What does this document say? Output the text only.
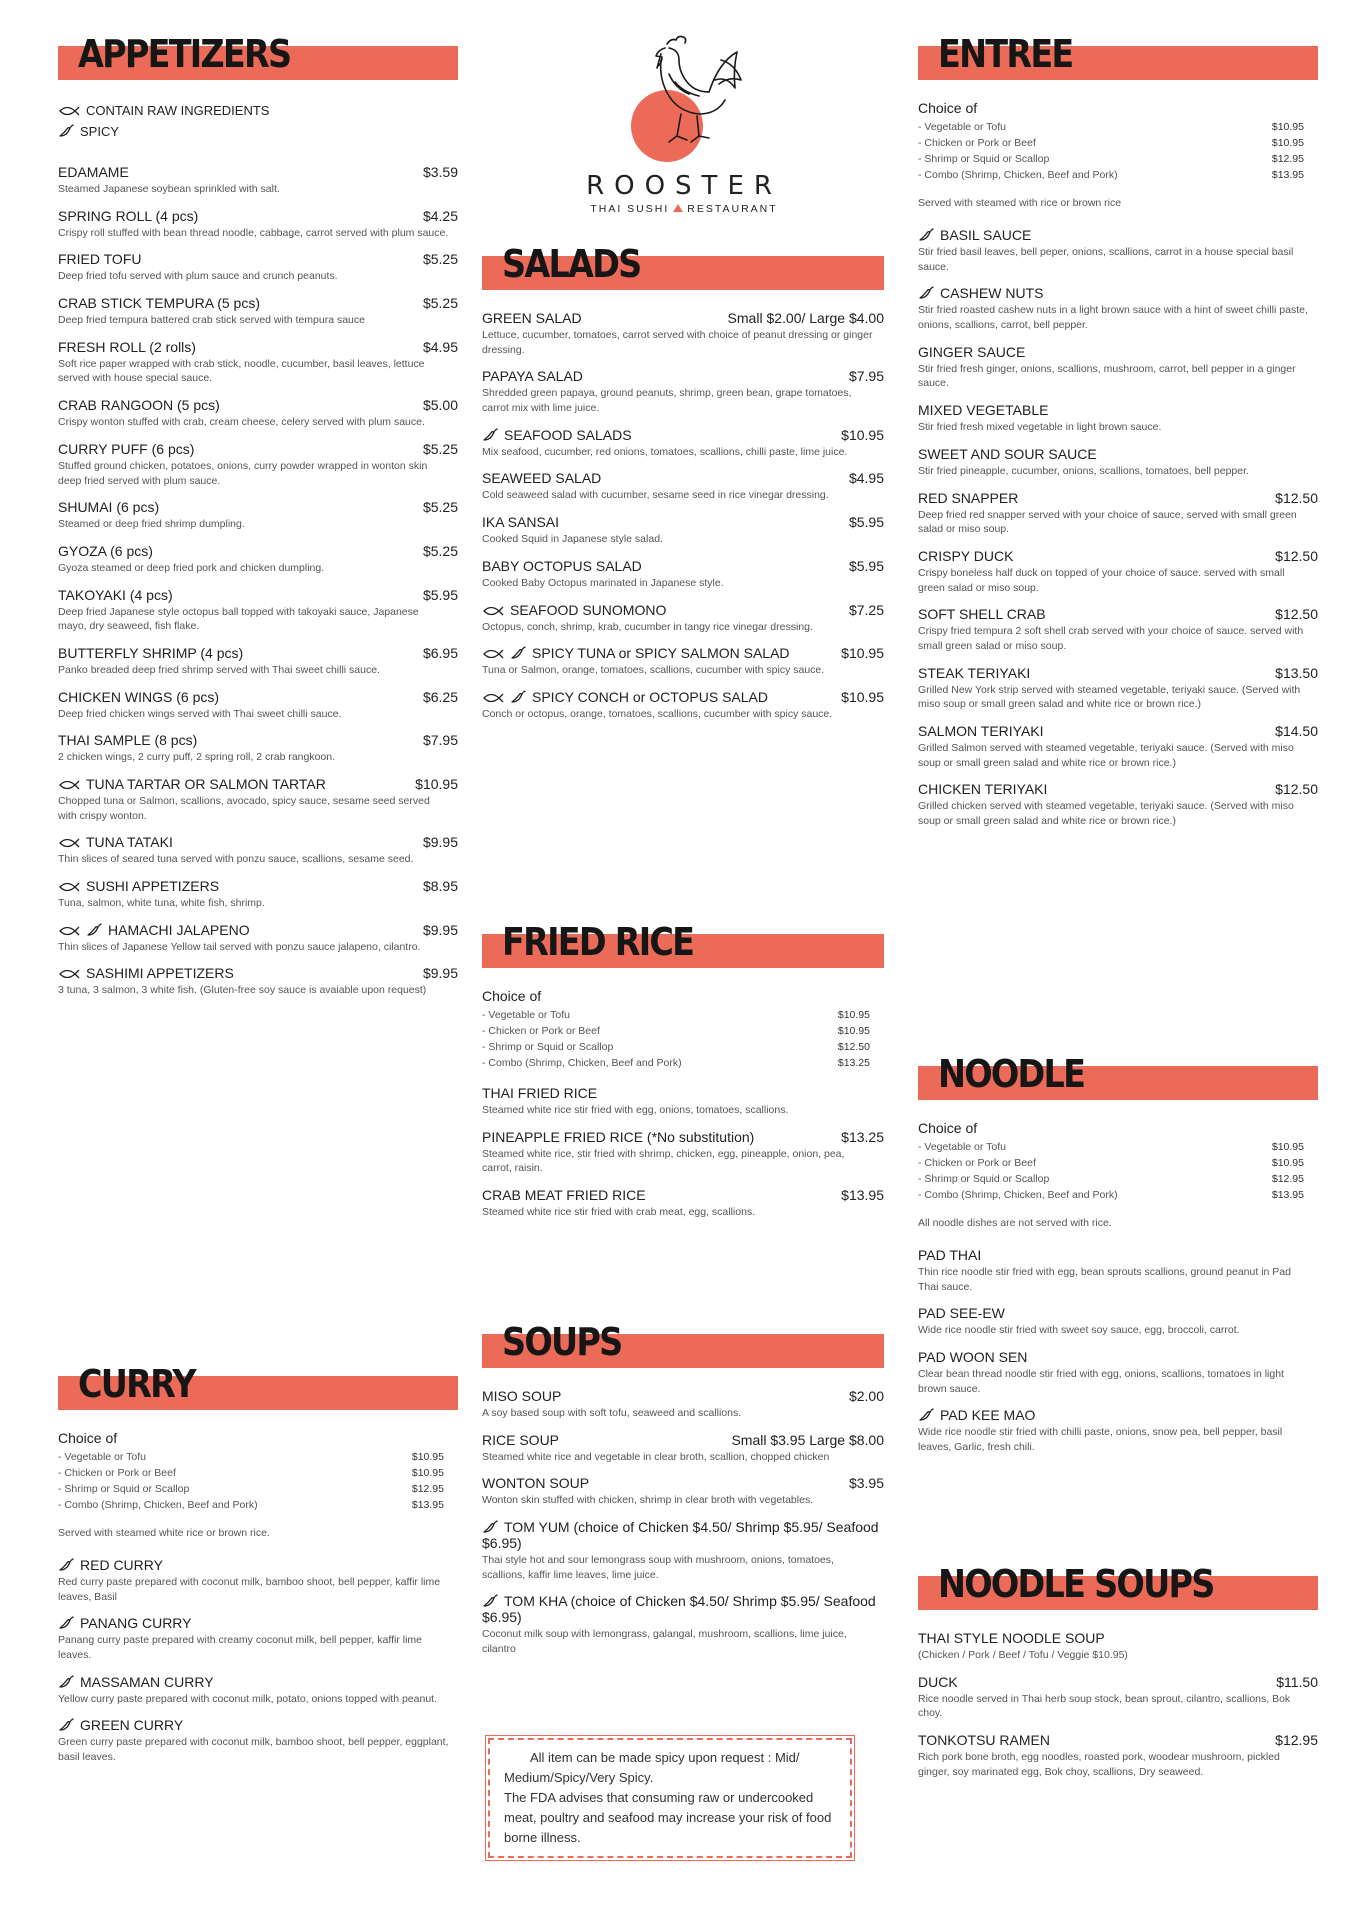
APPETIZERS
CONTAIN RAW INGREDIENTS
SPICY
EDAMAME	$3.59
Steamed Japanese soybean sprinkled with salt.
SPRING ROLL (4 pcs)	$4.25
Crispy roll stuffed with bean thread noodle, cabbage, carrot served with plum sauce.
FRIED TOFU	$5.25
Deep fried tofu served with plum sauce and crunch peanuts.
CRAB STICK TEMPURA (5 pcs)	$5.25
Deep fried tempura battered crab stick served with tempura sauce
FRESH ROLL (2 rolls)	$4.95
Soft rice paper wrapped with crab stick, noodle, cucumber, basil leaves, lettuce served with house special sauce.
CRAB RANGOON (5 pcs)	$5.00
Crispy wonton stuffed with crab, cream cheese, celery served with plum sauce.
CURRY PUFF (6 pcs)	$5.25
Stuffed ground chicken, potatoes, onions, curry powder wrapped in wonton skin deep fried served with plum sauce.
SHUMAI (6 pcs)	$5.25
Steamed or deep fried shrimp dumpling.
GYOZA (6 pcs)	$5.25
Gyoza steamed or deep fried pork and chicken dumpling.
TAKOYAKI (4 pcs)	$5.95
Deep fried Japanese style octopus ball topped with takoyaki sauce, Japanese mayo, dry seaweed, fish flake.
BUTTERFLY SHRIMP (4 pcs)	$6.95
Panko breaded deep fried shrimp served with Thai sweet chilli sauce.
CHICKEN WINGS (6 pcs)	$6.25
Deep fried chicken wings served with Thai sweet chilli sauce.
THAI SAMPLE (8 pcs)	$7.95
2 chicken wings, 2 curry puff, 2 spring roll, 2 crab rangkoon.
TUNA TARTAR OR SALMON TARTAR	$10.95
Chopped tuna or Salmon, scallions, avocado, spicy sauce, sesame seed served with crispy wonton.
TUNA TATAKI	$9.95
Thin slices of seared tuna served with ponzu sauce, scallions, sesame seed.
SUSHI APPETIZERS	$8.95
Tuna, salmon, white tuna, white fish, shrimp.
HAMACHI JALAPENO	$9.95
Thin slices of Japanese Yellow tail served with ponzu sauce jalapeno, cilantro.
SASHIMI APPETIZERS	$9.95
3 tuna, 3 salmon, 3 white fish. (Gluten-free soy sauce is avaiable upon request)
CURRY
Choice of
- Vegetable or Tofu	$10.95
- Chicken or Pork or Beef	$10.95
- Shrimp or Squid or Scallop	$12.95
- Combo (Shrimp, Chicken, Beef and Pork)	$13.95
Served with steamed white rice or brown rice.
RED CURRY
Red curry paste prepared with coconut milk, bamboo shoot, bell pepper, kaffir lime leaves, Basil
PANANG CURRY
Panang curry paste prepared with creamy coconut milk, bell pepper, kaffir lime leaves.
MASSAMAN CURRY
Yellow curry paste prepared with coconut milk, potato, onions topped with peanut.
GREEN CURRY
Green curry paste prepared with coconut milk, bamboo shoot, bell pepper, eggplant, basil leaves.
ROOSTER
THAI SUSHI RESTAURANT
SALADS
GREEN SALAD	Small $2.00/ Large $4.00
Lettuce, cucumber, tomatoes, carrot served with choice of peanut dressing or ginger dressing.
PAPAYA SALAD	$7.95
Shredded green papaya, ground peanuts, shrimp, green bean, grape tomatoes, carrot mix with lime juice.
SEAFOOD SALADS	$10.95
Mix seafood, cucumber, red onions, tomatoes, scallions, chilli paste, lime juice.
SEAWEED SALAD	$4.95
Cold seaweed salad with cucumber, sesame seed in rice vinegar dressing.
IKA SANSAI	$5.95
Cooked Squid in Japanese style salad.
BABY OCTOPUS SALAD	$5.95
Cooked Baby Octopus marinated in Japanese style.
SEAFOOD SUNOMONO	$7.25
Octopus, conch, shrimp, krab, cucumber in tangy rice vinegar dressing.
SPICY TUNA or SPICY SALMON SALAD	$10.95
Tuna or Salmon, orange, tomatoes, scallions, cucumber with spicy sauce.
SPICY CONCH or OCTOPUS SALAD	$10.95
Conch or octopus, orange, tomatoes, scallions, cucumber with spicy sauce.
FRIED RICE
Choice of
- Vegetable or Tofu	$10.95
- Chicken or Pork or Beef	$10.95
- Shrimp or Squid or Scallop	$12.50
- Combo (Shrimp, Chicken, Beef and Pork)	$13.25
THAI FRIED RICE
Steamed white rice stir fried with egg, onions, tomatoes, scallions.
PINEAPPLE FRIED RICE (*No substitution)	$13.25
Steamed white rice, stir fried with shrimp, chicken, egg, pineapple, onion, pea, carrot, raisin.
CRAB MEAT FRIED RICE	$13.95
Steamed white rice stir fried with crab meat, egg, scallions.
SOUPS
MISO SOUP	$2.00
A soy based soup with soft tofu, seaweed and scallions.
RICE SOUP	Small $3.95 Large $8.00
Steamed white rice and vegetable in clear broth, scallion, chopped chicken
WONTON SOUP	$3.95
Wonton skin stuffed with chicken, shrimp in clear broth with vegetables.
TOM YUM (choice of Chicken $4.50/ Shrimp $5.95/ Seafood $6.95)
Thai style hot and sour lemongrass soup with mushroom, onions, tomatoes, scallions, kaffir lime leaves, lime juice.
TOM KHA (choice of Chicken $4.50/ Shrimp $5.95/ Seafood $6.95)
Coconut milk soup with lemongrass, galangal, mushroom, scallions, lime juice, cilantro
All item can be made spicy upon request : Mid/ Medium/Spicy/Very Spicy.
The FDA advises that consuming raw or undercooked meat, poultry and seafood may increase your risk of food borne illness.
ENTREE
Choice of
- Vegetable or Tofu	$10.95
- Chicken or Pork or Beef	$10.95
- Shrimp or Squid or Scallop	$12.95
- Combo (Shrimp, Chicken, Beef and Pork)	$13.95
Served with steamed with rice or brown rice
BASIL SAUCE
Stir fried basil leaves, bell peper, onions, scallions, carrot in a house special basil sauce.
CASHEW NUTS
Stir fried roasted cashew nuts in a light brown sauce with a hint of sweet chilli paste, onions, scallions, carrot, bell pepper.
GINGER SAUCE
Stir fried fresh ginger, onions, scallions, mushroom, carrot, bell pepper in a ginger sauce.
MIXED VEGETABLE
Stir fried fresh mixed vegetable in light brown sauce.
SWEET AND SOUR SAUCE
Stir fried pineapple, cucumber, onions, scallions, tomatoes, bell pepper.
RED SNAPPER	$12.50
Deep fried red snapper served with your choice of sauce, served with small green salad or miso soup.
CRISPY DUCK	$12.50
Crispy boneless half duck on topped of your choice of sauce. served with small green salad or miso soup.
SOFT SHELL CRAB	$12.50
Crispy fried tempura 2 soft shell crab served with your choice of sauce. served with small green salad or miso soup.
STEAK TERIYAKI	$13.50
Grilled New York strip served with steamed vegetable, teriyaki sauce. (Served with miso soup or small green salad and white rice or brown rice.)
SALMON TERIYAKI	$14.50
Grilled Salmon served with steamed vegetable, teriyaki sauce. (Served with miso soup or small green salad and white rice or brown rice.)
CHICKEN TERIYAKI	$12.50
Grilled chicken served with steamed vegetable, teriyaki sauce. (Served with miso soup or small green salad and white rice or brown rice.)
NOODLE
Choice of
- Vegetable or Tofu	$10.95
- Chicken or Pork or Beef	$10.95
- Shrimp or Squid or Scallop	$12.95
- Combo (Shrimp, Chicken, Beef and Pork)	$13.95
All noodle dishes are not served with rice.
PAD THAI
Thin rice noodle stir fried with egg, bean sprouts scallions, ground peanut in Pad Thai sauce.
PAD SEE-EW
Wide rice noodle stir fried with sweet soy sauce, egg, broccoli, carrot.
PAD WOON SEN
Clear bean thread noodle stir fried with egg, onions, scallions, tomatoes in light brown sauce.
PAD KEE MAO
Wide rice noodle stir fried with chilli paste, onions, snow pea, bell pepper, basil leaves, Garlic, fresh chili.
NOODLE SOUPS
THAI STYLE NOODLE SOUP
(Chicken / Pork / Beef / Tofu / Veggie $10.95)
DUCK	$11.50
Rice noodle served in Thai herb soup stock, bean sprout, cilantro, scallions, Bok choy.
TONKOTSU RAMEN	$12.95
Rich pork bone broth, egg noodles, roasted pork, woodear mushroom, pickled ginger, soy marinated egg, Bok choy, scallions, Dry seaweed.
